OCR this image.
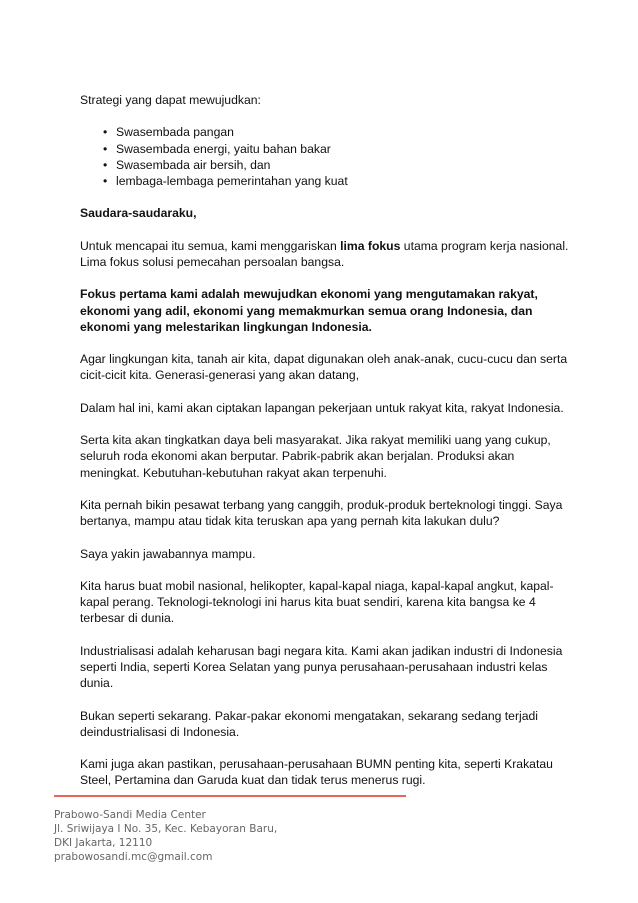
Strategi yang dapat mewujudkan:

• Swasembada pangan
• Swasembada energi, yaitu bahan bakar
• Swasembada air bersih, dan
• lembaga-lembaga pemerintahan yang kuat

Saudara-saudaraku,

Untuk mencapai itu semua, kami menggariskan lima fokus utama program kerja nasional. Lima fokus solusi pemecahan persoalan bangsa.

Fokus pertama kami adalah mewujudkan ekonomi yang mengutamakan rakyat, ekonomi yang adil, ekonomi yang memakmurkan semua orang Indonesia, dan ekonomi yang melestarikan lingkungan Indonesia.

Agar lingkungan kita, tanah air kita, dapat digunakan oleh anak-anak, cucu-cucu dan serta cicit-cicit kita. Generasi-generasi yang akan datang,

Dalam hal ini, kami akan ciptakan lapangan pekerjaan untuk rakyat kita, rakyat Indonesia.

Serta kita akan tingkatkan daya beli masyarakat. Jika rakyat memiliki uang yang cukup, seluruh roda ekonomi akan berputar. Pabrik-pabrik akan berjalan. Produksi akan meningkat. Kebutuhan-kebutuhan rakyat akan terpenuhi.

Kita pernah bikin pesawat terbang yang canggih, produk-produk berteknologi tinggi. Saya bertanya, mampu atau tidak kita teruskan apa yang pernah kita lakukan dulu?

Saya yakin jawabannya mampu.

Kita harus buat mobil nasional, helikopter, kapal-kapal niaga, kapal-kapal angkut, kapal-kapal perang. Teknologi-teknologi ini harus kita buat sendiri, karena kita bangsa ke 4 terbesar di dunia.

Industrialisasi adalah keharusan bagi negara kita. Kami akan jadikan industri di Indonesia seperti India, seperti Korea Selatan yang punya perusahaan-perusahaan industri kelas dunia.

Bukan seperti sekarang. Pakar-pakar ekonomi mengatakan, sekarang sedang terjadi deindustrialisasi di Indonesia.

Kami juga akan pastikan, perusahaan-perusahaan BUMN penting kita, seperti Krakatau Steel, Pertamina dan Garuda kuat dan tidak terus menerus rugi.

Prabowo-Sandi Media Center
Jl. Sriwijaya I No. 35, Kec. Kebayoran Baru,
DKI Jakarta, 12110
prabowosandi.mc@gmail.com
